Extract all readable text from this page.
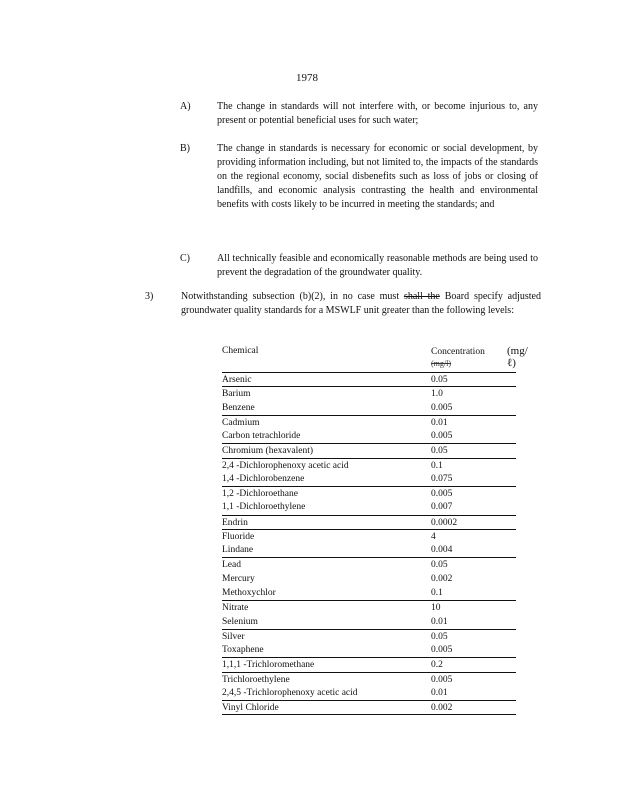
1978
A)	The change in standards will not interfere with, or become injurious to, any present or potential beneficial uses for such water;
B)	The change in standards is necessary for economic or social development, by providing information including, but not limited to, the impacts of the standards on the regional economy, social disbenefits such as loss of jobs or closing of landfills, and economic analysis contrasting the health and environmental benefits with costs likely to be incurred in meeting the standards; and
C)	All technically feasible and economically reasonable methods are being used to prevent the degradation of the groundwater quality.
3)	Notwithstanding subsection (b)(2), in no case must shall the Board specify adjusted groundwater quality standards for a MSWLF unit greater than the following levels:
Chemical	Concentration
(mg/l)
(mg/ℓ)
Arsenic	0.05
Barium	1.0
Benzene	0.005
Cadmium	0.01
Carbon tetrachloride	0.005
Chromium (hexavalent)	0.05
2,4 -Dichlorophenoxy acetic acid	0.1
1,4 -Dichlorobenzene	0.075
1,2 -Dichloroethane	0.005
1,1 -Dichloroethylene	0.007
Endrin	0.0002
Fluoride	4
Lindane	0.004
Lead	0.05
Mercury	0.002
Methoxychlor	0.1
Nitrate	10
Selenium	0.01
Silver	0.05
Toxaphene	0.005
1,1,1 -Trichloromethane	0.2
Trichloroethylene	0.005
2,4,5 -Trichlorophenoxy acetic acid	0.01
Vinyl Chloride	0.002
